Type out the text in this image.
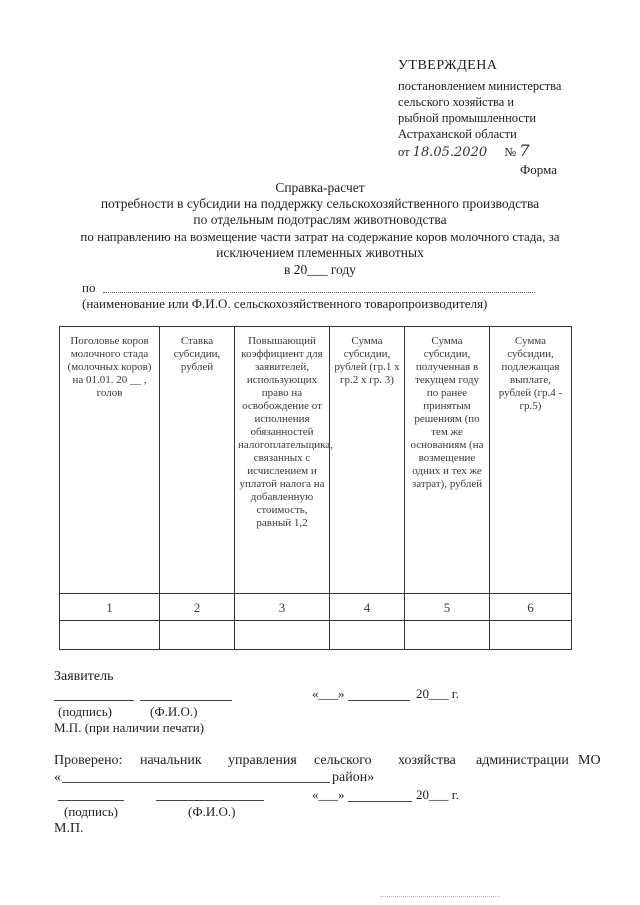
УТВЕРЖДЕНА
постановлением министерства
сельского хозяйства и
рыбной промышленности
Астраханской области
от 18.05.2020 № 7
Форма
Справка-расчет
потребности в субсидии на поддержку сельскохозяйственного производства
по отдельным подотраслям животноводства
по направлению на возмещение части затрат на содержание коров молочного стада, за
исключением племенных животных
в 20___ году
по
(наименование или Ф.И.О. сельскохозяйственного товаропроизводителя)
Поголовье коров молочного стада (молочных коров) на 01.01. 20 __ , голов	Ставка субсидии, рублей	Повышающий коэффициент для заявителей, использующих право на освобождение от исполнения обязанностей налогоплательщика, связанных с исчислением и уплатой налога на добавленную стоимость, равный 1,2	Сумма субсидии, рублей (гр.1 х гр.2 х гр. 3)	Сумма субсидии, полученная в текущем году по ранее принятым решениям (по тем же основаниям (на возмещение одних и тех же затрат), рублей	Сумма субсидии, подлежащая выплате, рублей (гр.4 - гр.5)
1	2	3	4	5	6

Заявитель
«___»	20___ г.
(подпись)	(Ф.И.О.)
М.П. (при наличии печати)
Проверено: начальник управления сельского хозяйства администрации МО
«	район»
«___»	20___ г.
(подпись)	(Ф.И.О.)
М.П.
